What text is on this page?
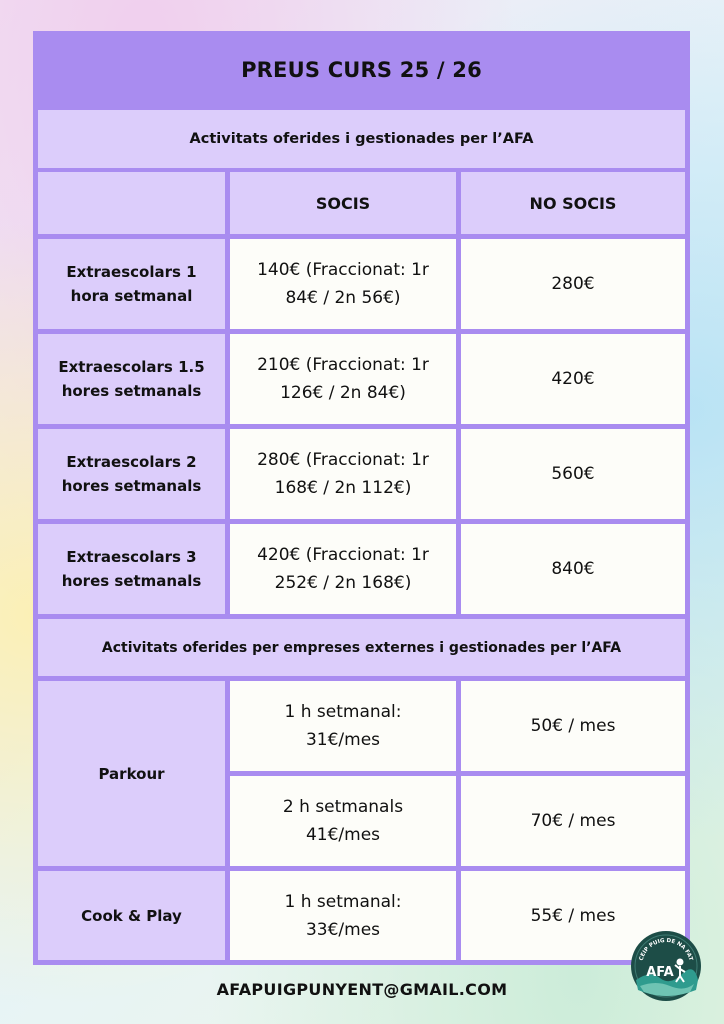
PREUS CURS 25 / 26
Activitats oferides i gestionades per l’AFA
SOCIS	NO SOCIS
Extraescolars 1 hora setmanal
140€ (Fraccionat: 1r 84€ / 2n 56€)
280€
Extraescolars 1.5 hores setmanals
210€ (Fraccionat: 1r 126€ / 2n 84€)
420€
Extraescolars 2 hores setmanals
280€ (Fraccionat: 1r 168€ / 2n 112€)
560€
Extraescolars 3 hores setmanals
420€ (Fraccionat: 1r 252€ / 2n 168€)
840€
Activitats oferides per empreses externes i gestionades per l’AFA
Parkour
1 h setmanal: 31€/mes
50€ / mes
2 h setmanals 41€/mes
70€ / mes
Cook & Play
1 h setmanal: 33€/mes
55€ / mes
AFAPUIGPUNYENT@GMAIL.COM
CEIP PUIG DE NA FAT
AFA
